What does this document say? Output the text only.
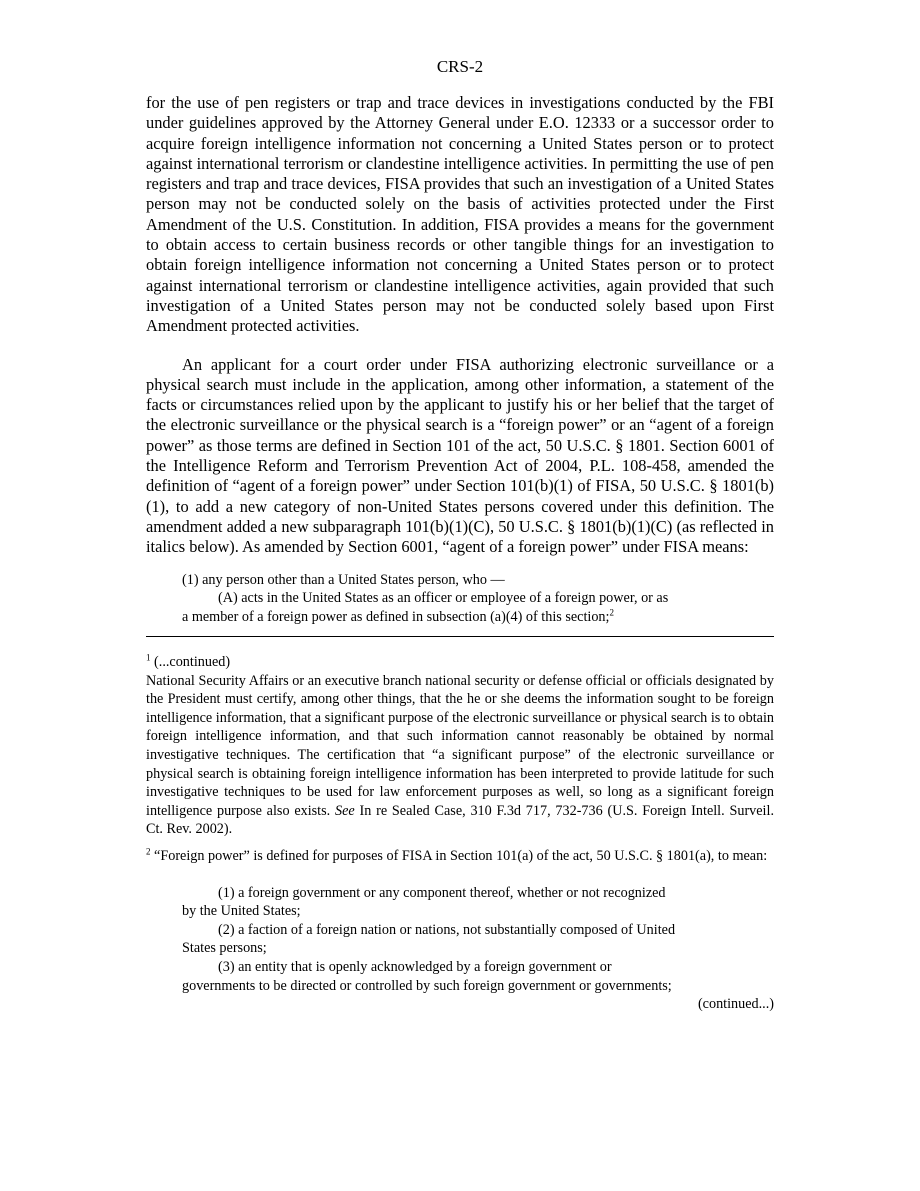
CRS-2

for the use of pen registers or trap and trace devices in investigations conducted by the FBI under guidelines approved by the Attorney General under E.O. 12333 or a successor order to acquire foreign intelligence information not concerning a United States person or to protect against international terrorism or clandestine intelligence activities. In permitting the use of pen registers and trap and trace devices, FISA provides that such an investigation of a United States person may not be conducted solely on the basis of activities protected under the First Amendment of the U.S. Constitution. In addition, FISA provides a means for the government to obtain access to certain business records or other tangible things for an investigation to obtain foreign intelligence information not concerning a United States person or to protect against international terrorism or clandestine intelligence activities, again provided that such investigation of a United States person may not be conducted solely based upon First Amendment protected activities.

An applicant for a court order under FISA authorizing electronic surveillance or a physical search must include in the application, among other information, a statement of the facts or circumstances relied upon by the applicant to justify his or her belief that the target of the electronic surveillance or the physical search is a “foreign power” or an “agent of a foreign power” as those terms are defined in Section 101 of the act, 50 U.S.C. § 1801. Section 6001 of the Intelligence Reform and Terrorism Prevention Act of 2004, P.L. 108-458, amended the definition of “agent of a foreign power” under Section 101(b)(1) of FISA, 50 U.S.C. § 1801(b)(1), to add a new category of non-United States persons covered under this definition. The amendment added a new subparagraph 101(b)(1)(C), 50 U.S.C. § 1801(b)(1)(C) (as reflected in italics below). As amended by Section 6001, “agent of a foreign power” under FISA means:

(1) any person other than a United States person, who —

(A) acts in the United States as an officer or employee of a foreign power, or as
a member of a foreign power as defined in subsection (a)(4) of this section;$^2$

$^1$ (...continued)

National Security Affairs or an executive branch national security or defense official or officials designated by the President must certify, among other things, that the he or she deems the information sought to be foreign intelligence information, that a significant purpose of the electronic surveillance or physical search is to obtain foreign intelligence information, and that such information cannot reasonably be obtained by normal investigative techniques. The certification that “a significant purpose” of the electronic surveillance or physical search is obtaining foreign intelligence information has been interpreted to provide latitude for such investigative techniques to be used for law enforcement purposes as well, so long as a significant foreign intelligence purpose also exists. See In re Sealed Case, 310 F.3d 717, 732-736 (U.S. Foreign Intell. Surveil. Ct. Rev. 2002).

$^2$ “Foreign power” is defined for purposes of FISA in Section 101(a) of the act, 50 U.S.C. § 1801(a), to mean:

(1) a foreign government or any component thereof, whether or not recognized
by the United States;

(2) a faction of a foreign nation or nations, not substantially composed of United
States persons;

(3) an entity that is openly acknowledged by a foreign government or
governments to be directed or controlled by such foreign government or governments;

(continued...)
